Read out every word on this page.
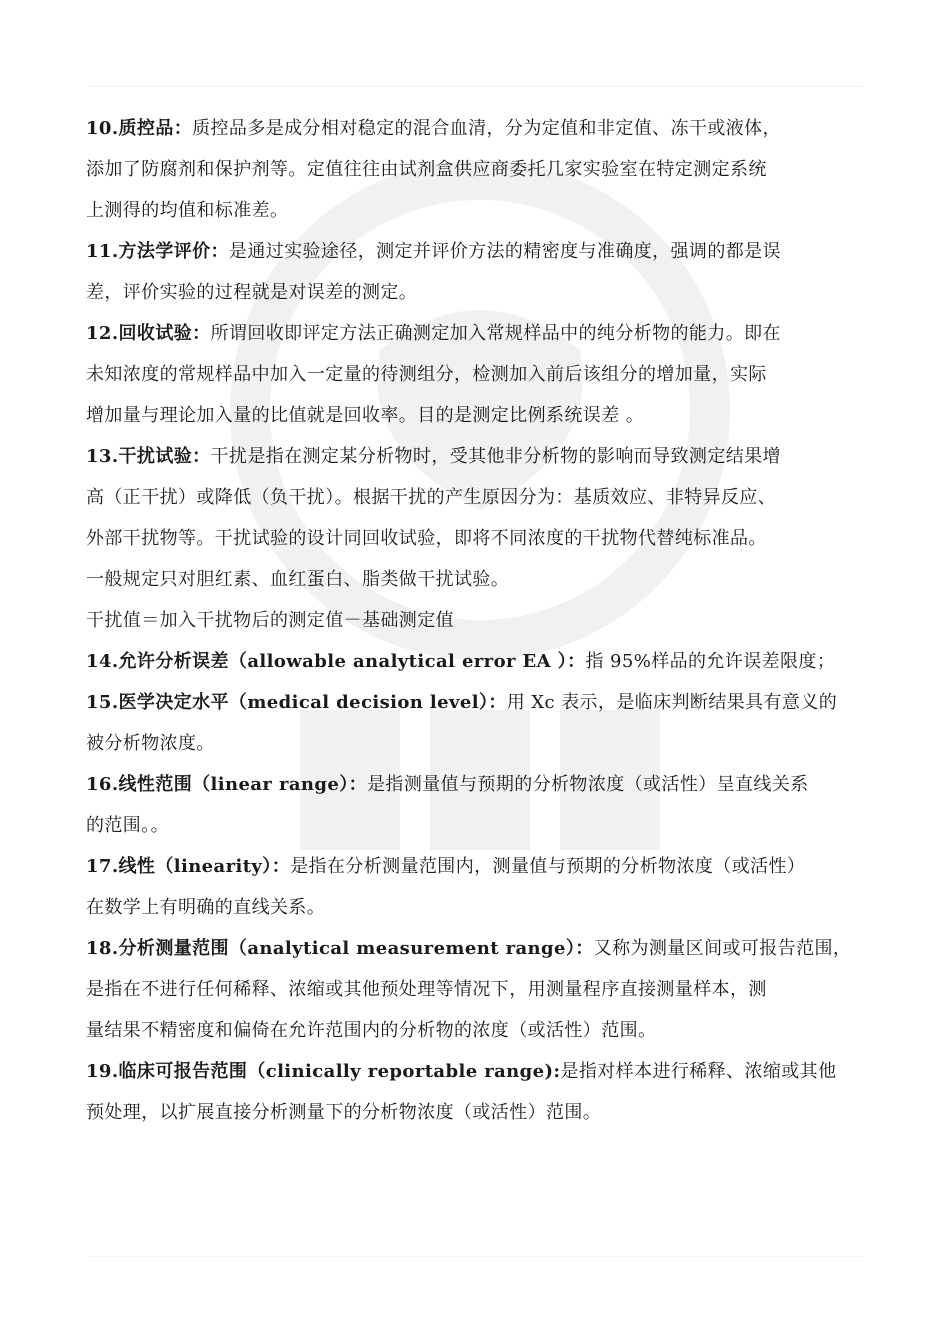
10.质控品：质控品多是成分相对稳定的混合血清，分为定值和非定值、冻干或液体，
添加了防腐剂和保护剂等。定值往往由试剂盒供应商委托几家实验室在特定测定系统
上测得的均值和标准差。

11.方法学评价：是通过实验途径，测定并评价方法的精密度与准确度，强调的都是误
差，评价实验的过程就是对误差的测定。

12.回收试验：所谓回收即评定方法正确测定加入常规样品中的纯分析物的能力。即在
未知浓度的常规样品中加入一定量的待测组分，检测加入前后该组分的增加量，实际
增加量与理论加入量的比值就是回收率。目的是测定比例系统误差 。

13.干扰试验：干扰是指在测定某分析物时，受其他非分析物的影响而导致测定结果增
高（正干扰）或降低（负干扰）。根据干扰的产生原因分为：基质效应、非特异反应、
外部干扰物等。干扰试验的设计同回收试验，即将不同浓度的干扰物代替纯标准品。
一般规定只对胆红素、血红蛋白、脂类做干扰试验。
干扰值＝加入干扰物后的测定值－基础测定值

14.允许分析误差（allowable analytical error EA ）：指 95%样品的允许误差限度；

15.医学决定水平（medical decision level）：用 Xc 表示，是临床判断结果具有意义的
被分析物浓度。

16.线性范围（linear range）：是指测量值与预期的分析物浓度（或活性）呈直线关系
的范围。。

17.线性（linearity）：是指在分析测量范围内，测量值与预期的分析物浓度（或活性）
在数学上有明确的直线关系。

18.分析测量范围（analytical measurement range）：又称为测量区间或可报告范围，
是指在不进行任何稀释、浓缩或其他预处理等情况下，用测量程序直接测量样本，测
量结果不精密度和偏倚在允许范围内的分析物的浓度（或活性）范围。

19.临床可报告范围（clinically reportable range):是指对样本进行稀释、浓缩或其他
预处理，以扩展直接分析测量下的分析物浓度（或活性）范围。
